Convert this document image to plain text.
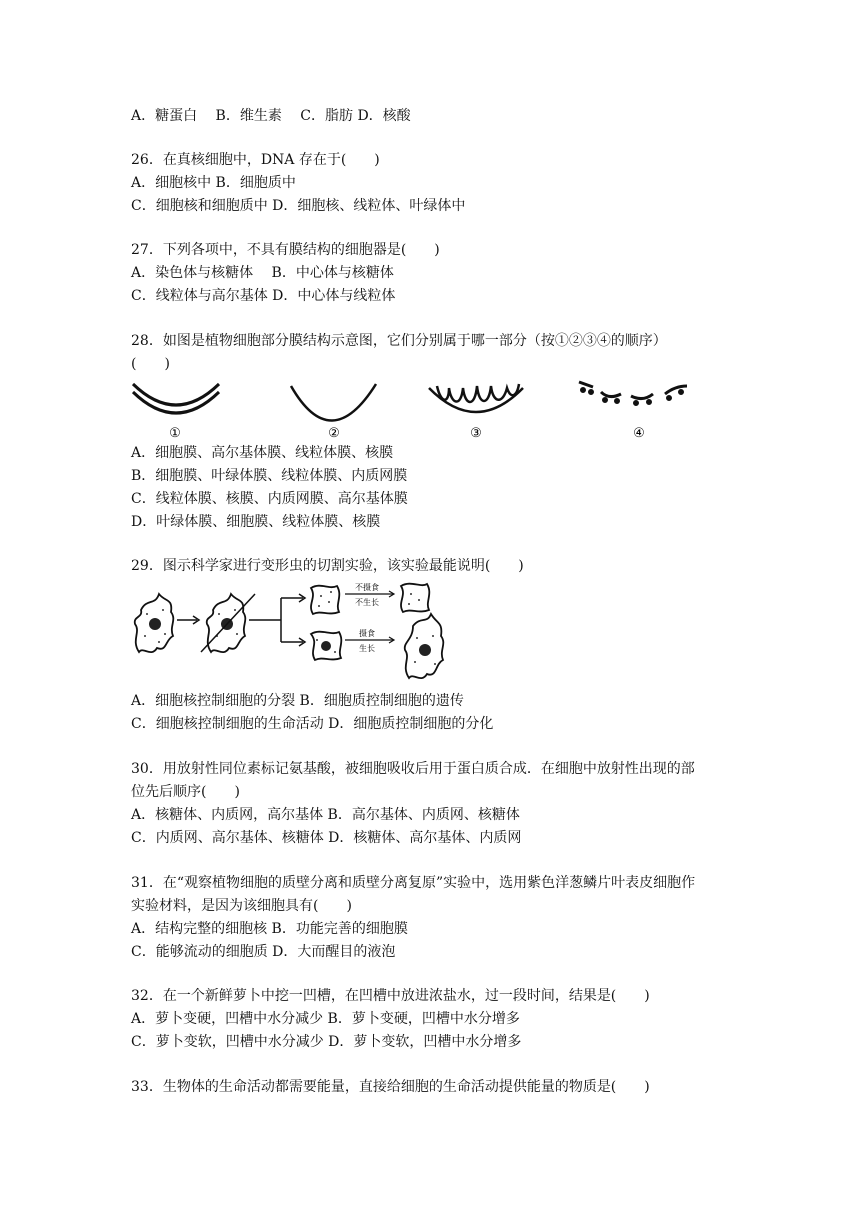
A．糖蛋白　 B．维生素　 C．脂肪 D．核酸
26．在真核细胞中，DNA 存在于(　　)
A．细胞核中 B．细胞质中
C．细胞核和细胞质中 D．细胞核、线粒体、叶绿体中
27．下列各项中，不具有膜结构的细胞器是(　　)
A．染色体与核糖体　 B．中心体与核糖体
C．线粒体与高尔基体 D．中心体与线粒体
28．如图是植物细胞部分膜结构示意图，它们分别属于哪一部分（按①②③④的顺序）
(　　)
①	②	③	④
A．细胞膜、高尔基体膜、线粒体膜、核膜
B．细胞膜、叶绿体膜、线粒体膜、内质网膜
C．线粒体膜、核膜、内质网膜、高尔基体膜
D．叶绿体膜、细胞膜、线粒体膜、核膜
29．图示科学家进行变形虫的切割实验，该实验最能说明(　　)
不摄食
不生长
摄食
生长
A．细胞核控制细胞的分裂 B．细胞质控制细胞的遗传
C．细胞核控制细胞的生命活动 D．细胞质控制细胞的分化
30．用放射性同位素标记氨基酸，被细胞吸收后用于蛋白质合成．在细胞中放射性出现的部
位先后顺序(　　)
A．核糖体、内质网，高尔基体 B．高尔基体、内质网、核糖体
C．内质网、高尔基体、核糖体 D．核糖体、高尔基体、内质网
31．在“观察植物细胞的质壁分离和质壁分离复原”实验中，选用紫色洋葱鳞片叶表皮细胞作
实验材料，是因为该细胞具有(　　)
A．结构完整的细胞核 B．功能完善的细胞膜
C．能够流动的细胞质 D．大而醒目的液泡
32．在一个新鲜萝卜中挖一凹槽，在凹槽中放进浓盐水，过一段时间，结果是(　　)
A．萝卜变硬，凹槽中水分减少 B．萝卜变硬，凹槽中水分增多
C．萝卜变软，凹槽中水分减少 D．萝卜变软，凹槽中水分增多
33．生物体的生命活动都需要能量，直接给细胞的生命活动提供能量的物质是(　　)
